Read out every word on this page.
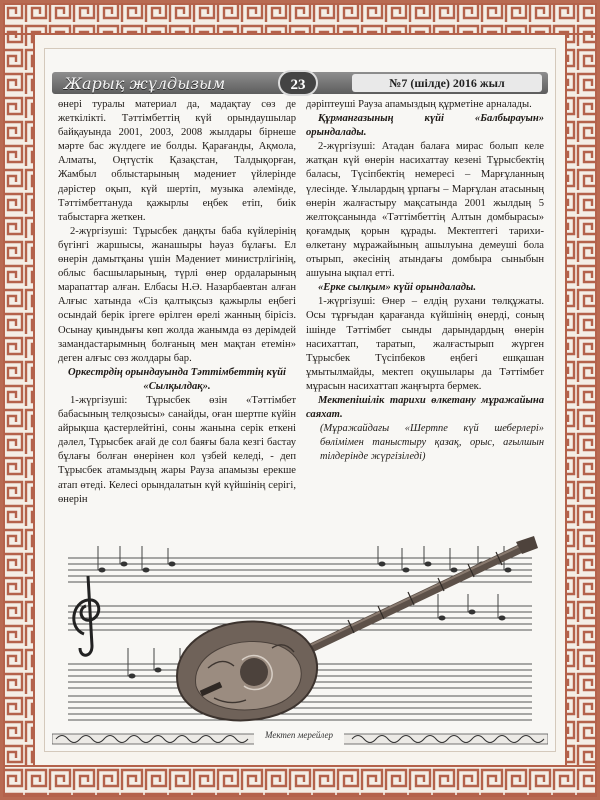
Жарық жұлдызым	23	№7 (шілде) 2016 жыл

өнері туралы материал да, мадақтау сөз де жеткілікті. Тәттімбеттің күй орындаушылар байқауында 2001, 2003, 2008 жылдары бірнеше мәрте бас жүлдеге ие болды. Қарағанды, Ақмола, Алматы, Оңтүстік Қазақстан, Талдықорған, Жамбыл облыстарының мәдениет үйлерінде дәрістер оқып, күй шертіп, музыка әлемінде, Тәттімбеттануда қажырлы еңбек етіп, биік табыстарға жеткен.

2-жүргізуші: Тұрысбек даңқты баба күйлерінің бүгінгі жаршысы, жанашыры һәуаз бұлағы. Ел өнерін дамытқаны үшін Мәдениет министрлігінің, облыс басшыларының, түрлі өнер ордаларының марапаттар алған. Елбасы Н.Ә. Назарбаевтан алған Алғыс хатында «Сіз қалтықсыз қажырлы еңбегі осындай берік іргеге өрілген өрелі жанның бірісіз. Осынау қиындығы көп жолда жанымда өз дерімдей замандастарымның болғаның мен мақтан етемін» деген алғыс сөз жолдары бар.

Оркестрдің орындауында Тәттімбеттің күйі «Сылқылдақ».

1-жүргізуші: Тұрысбек өзін «Тәттімбет бабасының телқозысы» санайды, оған шертпе күйін айрықша қастерлейтіні, соны жанына серік еткені дәлел, Тұрысбек ағай де сол баяғы бала кезгі бастау бұлағы болған өнерінен кол үзбей келеді, - деп Тұрысбек атамыздың жары Рауза апамызы ерекше атап өтеді. Келесі орындалатын күй күйшінің серігі, өнерін

дәріптеуші Рауза апамыздың құрметіне арналады.

Құрманғазының күйі «Балбырауын» орындалады.

2-жүргізуші: Атадан балаға мирас болып келе жатқан күй өнерін насихаттау кезені Тұрысбектің баласы, Түсіпбектің немересі – Марғұланның үлесінде. Ұлылардың ұрпағы – Марғұлан атасының өнерін жалғастыру мақсатында 2001 жылдың 5 желтоқсанында «Тәттімбеттің Алтын домбырасы» қоғамдық қорын құрады. Мектептегі тарихи-өлкетану мұражайының ашылуына демеуші бола отырып, әкесінің атындағы домбыра сыныбын ашуына ықпал етті.

«Ерке сылқым» күйі орындалады.

1-жүргізуші: Өнер – елдің рухани төлқұжаты. Осы тұрғыдан қарағанда күйшінің өнерді, соның ішінде Тәттімбет сынды дарындардың өнерін насихаттап, таратып, жалғастырып жүрген Тұрысбек Түсіпбеков еңбегі ешқашан ұмытылмайды, мектеп оқушылары да Тәттімбет мұрасын насихаттап жаңғырта бермек.

Мектепішілік тарихи өлкетану мұражайына саяхат.

(Мұражайдағы «Шертпе күй шеберлері» бөлімімен таныстыру қазақ, орыс, ағылшын тілдерінде жүргізіледі)

Мектеп мерейлер
